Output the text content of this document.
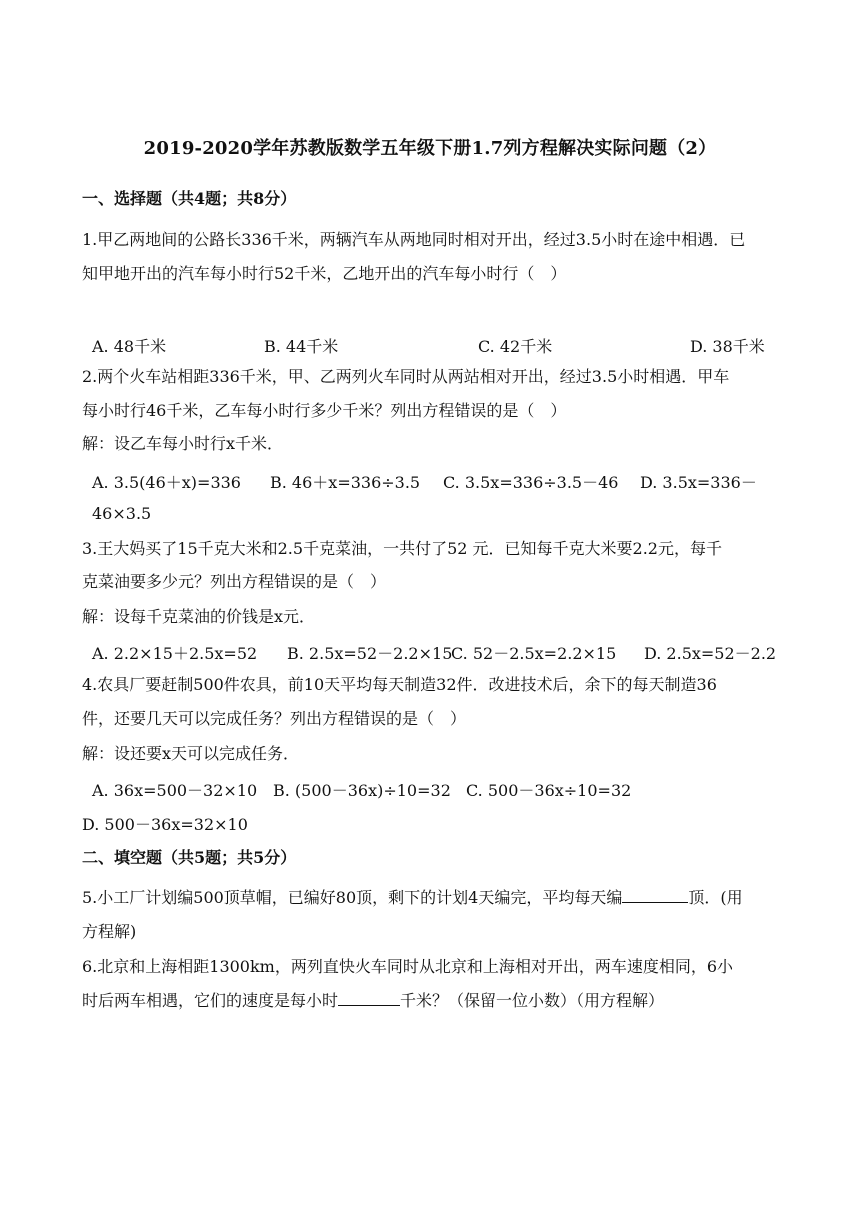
2019-2020学年苏教版数学五年级下册1.7列方程解决实际问题（2）
一、选择题（共4题；共8分）
1.甲乙两地间的公路长336千米，两辆汽车从两地同时相对开出，经过3.5小时在途中相遇．已
知甲地开出的汽车每小时行52千米，乙地开出的汽车每小时行（　）
A. 48千米	B. 44千米	C. 42千米	D. 38千米
2.两个火车站相距336千米，甲、乙两列火车同时从两站相对开出，经过3.5小时相遇．甲车
每小时行46千米，乙车每小时行多少千米？列出方程错误的是（　）
解：设乙车每小时行x千米．
A. 3.5(46＋x)=336 B. 46＋x=336÷3.5 C. 3.5x=336÷3.5－46 D. 3.5x=336－
46×3.5
3.王大妈买了15千克大米和2.5千克菜油，一共付了52 元．已知每千克大米要2.2元，每千
克菜油要多少元？列出方程错误的是（　）
解：设每千克菜油的价钱是x元．
A. 2.2×15＋2.5x=52 B. 2.5x=52－2.2×15
C. 52－2.5x=2.2×15 D. 2.5x=52－2.2
4.农具厂要赶制500件农具，前10天平均每天制造32件．改进技术后，余下的每天制造36
件，还要几天可以完成任务？列出方程错误的是（　）
解：设还要x天可以完成任务．
A. 36x=500－32×10 B. (500－36x)÷10=32 C. 500－36x÷10=32
D. 500－36x=32×10
二、填空题（共5题；共5分）
5.小工厂计划编500顶草帽，已编好80顶，剩下的计划4天编完，平均每天编	顶．(用
方程解)
6.北京和上海相距1300km，两列直快火车同时从北京和上海相对开出，两车速度相同，6小
时后两车相遇，它们的速度是每小时	千米？（保留一位小数）（用方程解）
